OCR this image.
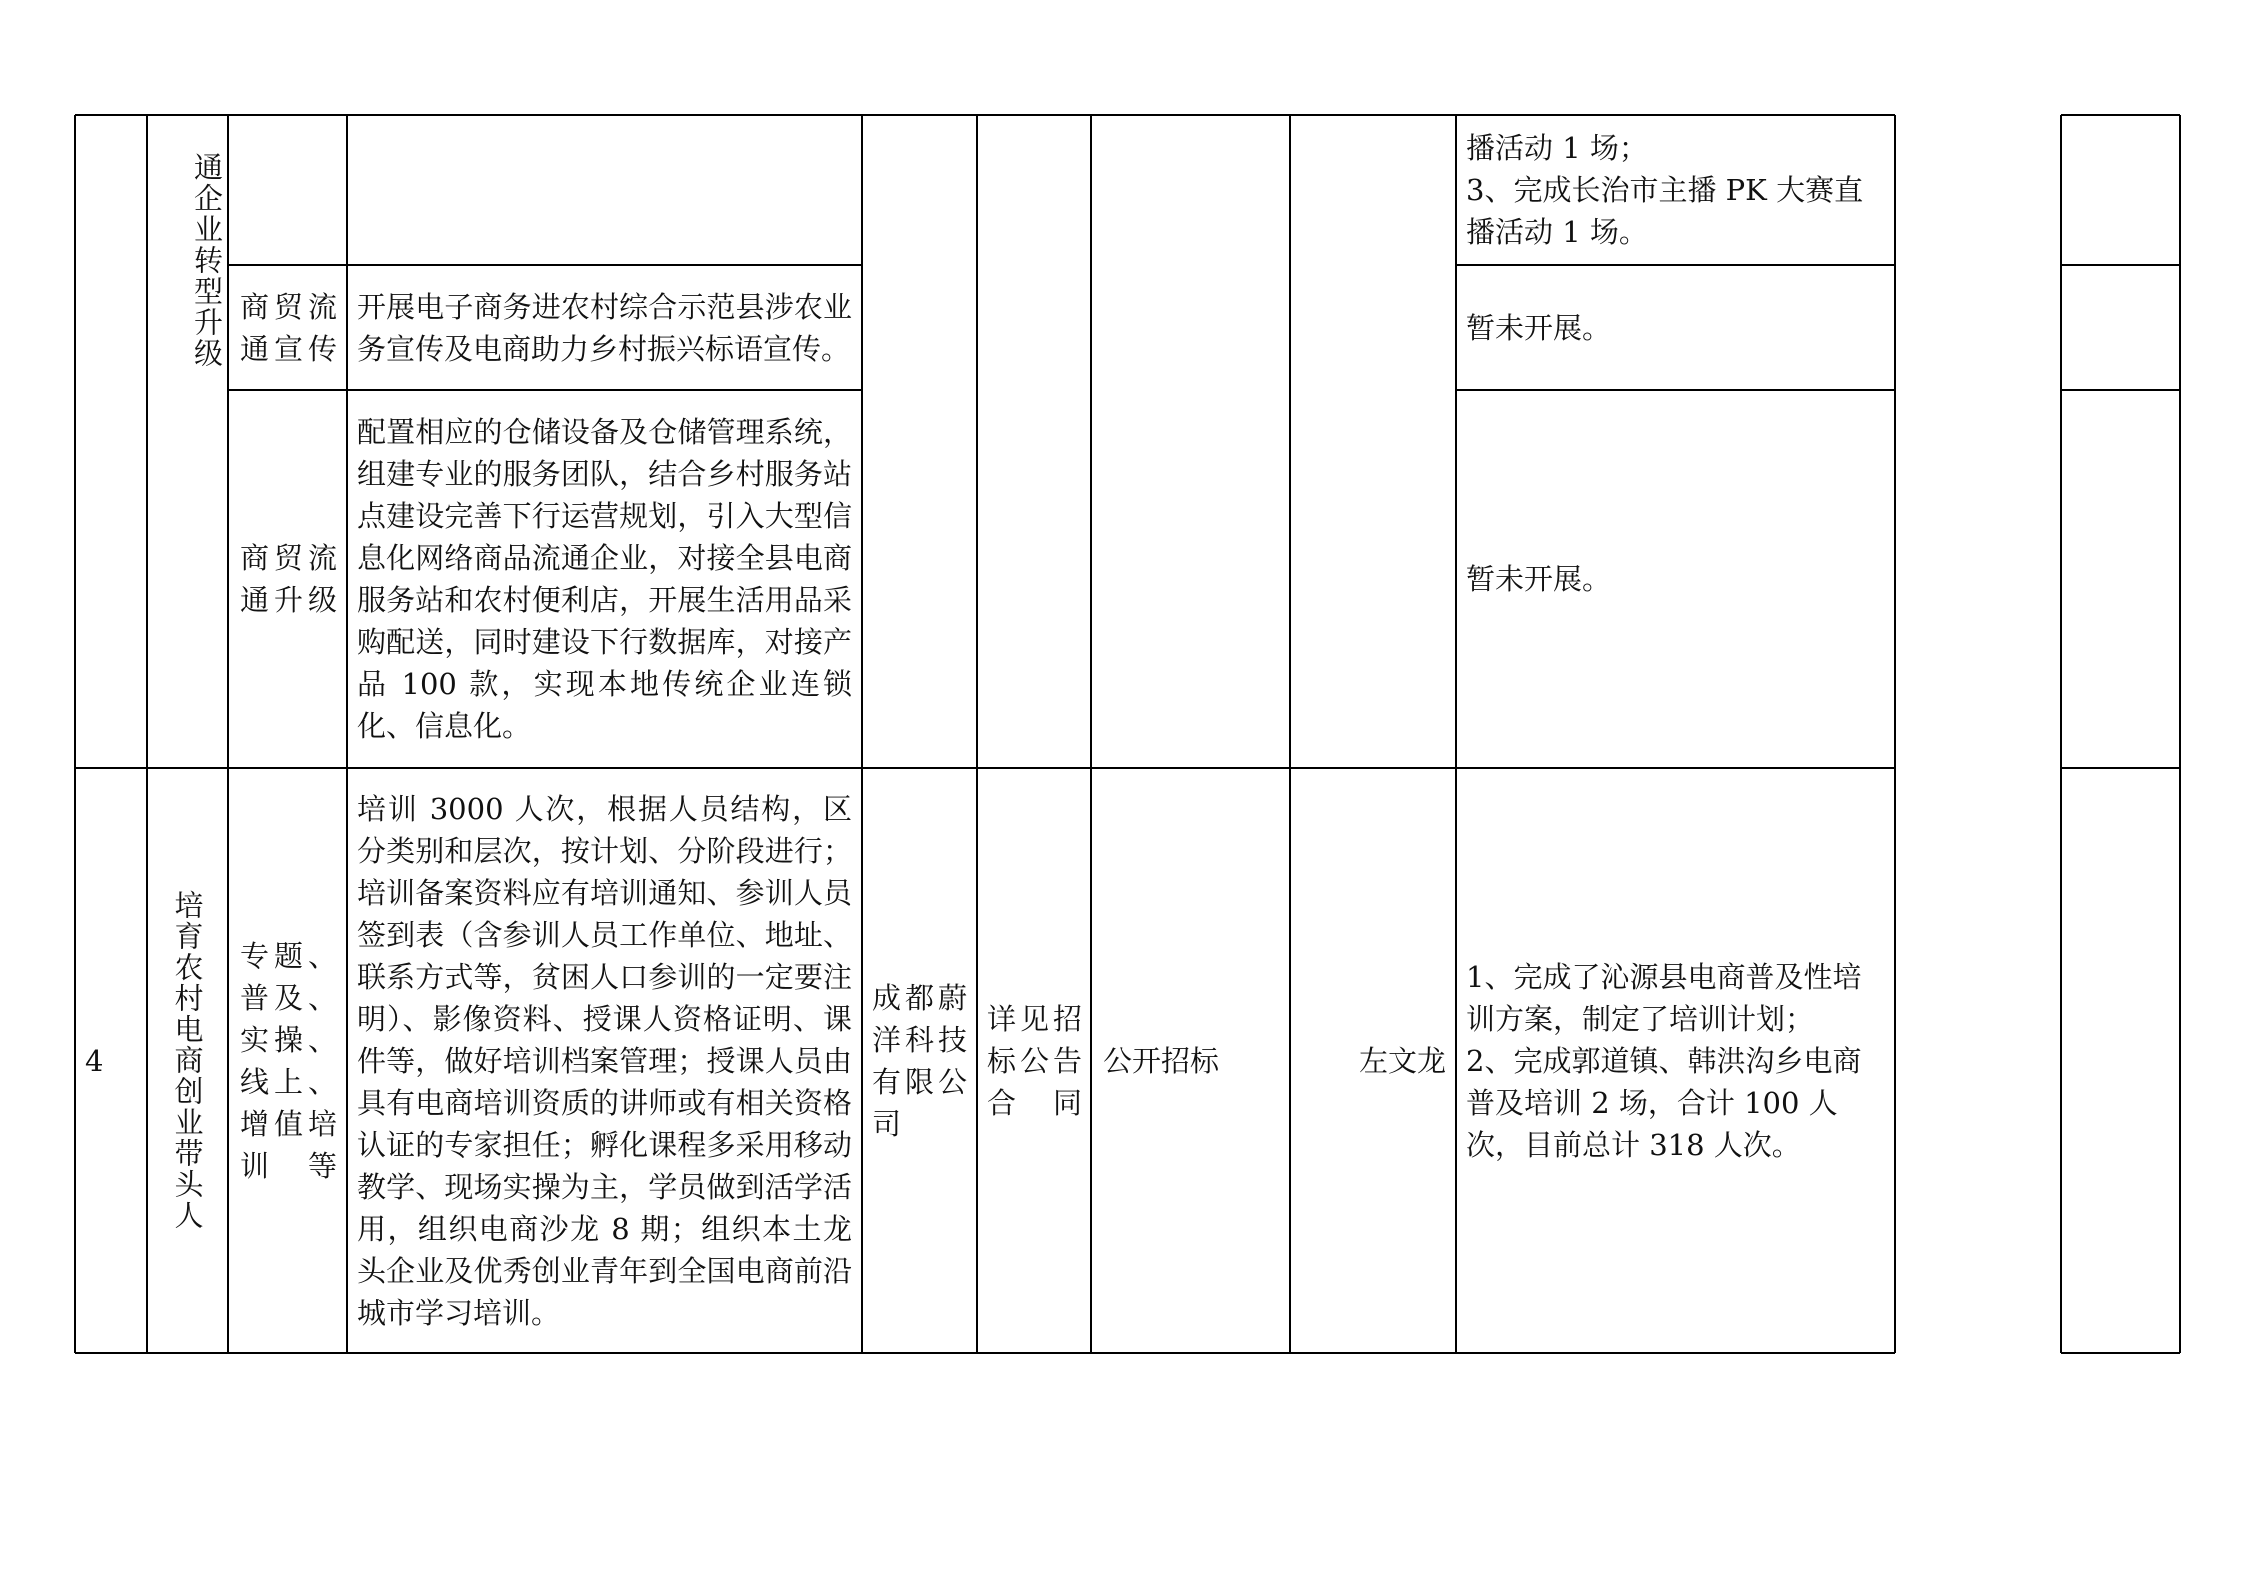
通企业转型升级
播活动 1 场；
3、完成长治市主播 PK 大赛直播活动 1 场。
商贸流通宣传
开展电子商务进农村综合示范县涉农业务宣传及电商助力乡村振兴标语宣传。
暂未开展。
商贸流通升级
配置相应的仓储设备及仓储管理系统，组建专业的服务团队，结合乡村服务站点建设完善下行运营规划，引入大型信息化网络商品流通企业，对接全县电商服务站和农村便利店，开展生活用品采购配送，同时建设下行数据库，对接产品 100 款，实现本地传统企业连锁化、信息化。
暂未开展。
4	培育农村电商创业带头人 专题、普及、实操、线上、增值培训等
培训 3000 人次，根据人员结构，区分类别和层次，按计划、分阶段进行；培训备案资料应有培训通知、参训人员签到表（含参训人员工作单位、地址、联系方式等，贫困人口参训的一定要注明）、影像资料、授课人资格证明、课件等，做好培训档案管理；授课人员由具有电商培训资质的讲师或有相关资格认证的专家担任；孵化课程多采用移动教学、现场实操为主，学员做到活学活用，组织电商沙龙 8 期；组织本土龙头企业及优秀创业青年到全国电商前沿城市学习培训。
成都蔚洋科技有限公司
详见招标公告合同
公开招标	左文龙
1、完成了沁源县电商普及性培训方案，制定了培训计划；
2、完成郭道镇、韩洪沟乡电商普及培训 2 场，合计 100 人次，目前总计 318 人次。
